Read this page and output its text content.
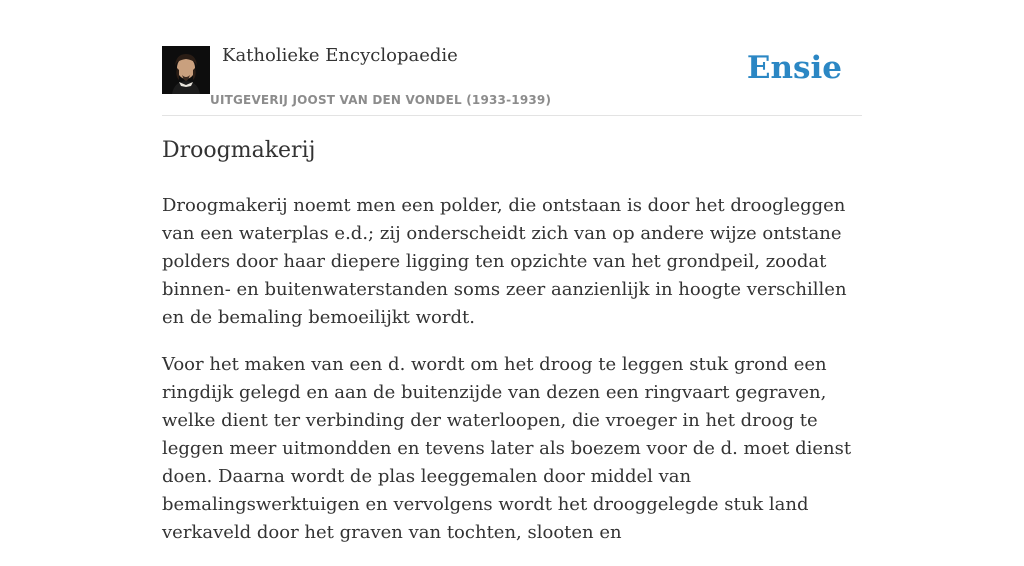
Katholieke Encyclopaedie
UITGEVERIJ JOOST VAN DEN VONDEL (1933-1939)
Ensie
Droogmakerij

Droogmakerij noemt men een polder, die ontstaan is door het droogleggen van een waterplas e.d.; zij onderscheidt zich van op andere wijze ontstane polders door haar diepere ligging ten opzichte van het grondpeil, zoodat binnen- en buitenwaterstanden soms zeer aanzienlijk in hoogte verschillen en de bemaling bemoeilijkt wordt.

Voor het maken van een d. wordt om het droog te leggen stuk grond een ringdijk gelegd en aan de buitenzijde van dezen een ringvaart gegraven, welke dient ter verbinding der waterloopen, die vroeger in het droog te leggen meer uitmondden en tevens later als boezem voor de d. moet dienst doen. Daarna wordt de plas leeggemalen door middel van bemalingswerktuigen en vervolgens wordt het drooggelegde stuk land verkaveld door het graven van tochten, slooten en
